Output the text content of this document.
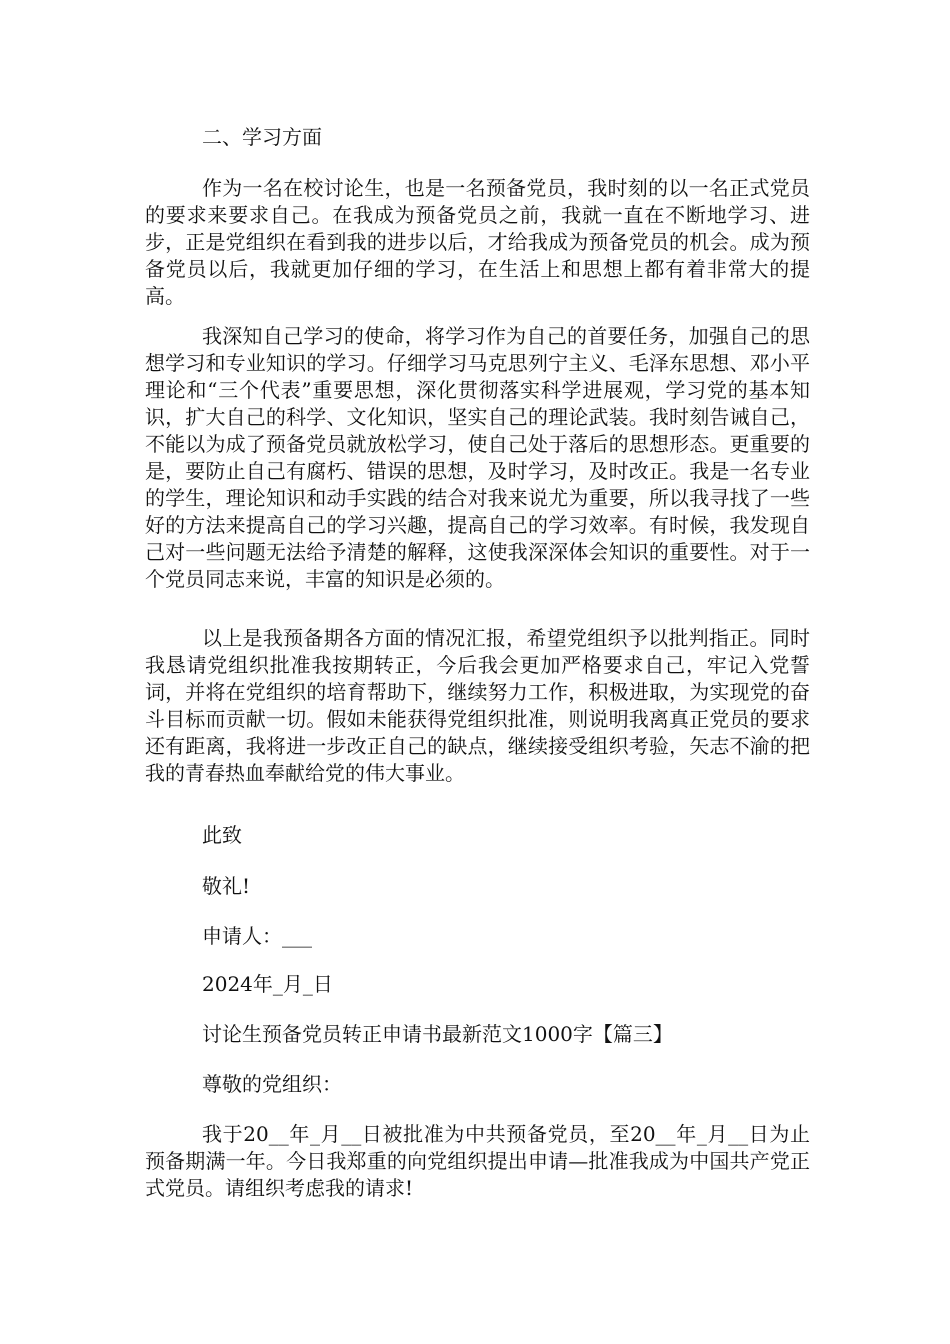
二、学习方面

作为一名在校讨论生，也是一名预备党员，我时刻的以一名正式党员的要求来要求自己。在我成为预备党员之前，我就一直在不断地学习、进步，正是党组织在看到我的进步以后，才给我成为预备党员的机会。成为预备党员以后，我就更加仔细的学习，在生活上和思想上都有着非常大的提高。

我深知自己学习的使命，将学习作为自己的首要任务，加强自己的思想学习和专业知识的学习。仔细学习马克思列宁主义、毛泽东思想、邓小平理论和“三个代表”重要思想，深化贯彻落实科学进展观，学习党的基本知识，扩大自己的科学、文化知识，坚实自己的理论武装。我时刻告诫自己，不能以为成了预备党员就放松学习，使自己处于落后的思想形态。更重要的是，要防止自己有腐朽、错误的思想，及时学习，及时改正。我是一名专业的学生，理论知识和动手实践的结合对我来说尤为重要，所以我寻找了一些好的方法来提高自己的学习兴趣，提高自己的学习效率。有时候，我发现自己对一些问题无法给予清楚的解释，这使我深深体会知识的重要性。对于一个党员同志来说，丰富的知识是必须的。

以上是我预备期各方面的情况汇报，希望党组织予以批判指正。同时我恳请党组织批准我按期转正，今后我会更加严格要求自己，牢记入党誓词，并将在党组织的培育帮助下，继续努力工作，积极进取，为实现党的奋斗目标而贡献一切。假如未能获得党组织批准，则说明我离真正党员的要求还有距离，我将进一步改正自己的缺点，继续接受组织考验，矢志不渝的把我的青春热血奉献给党的伟大事业。

此致

敬礼!

申请人：___

2024年_月_日

讨论生预备党员转正申请书最新范文1000字【篇三】

尊敬的党组织：

我于20__年_月__日被批准为中共预备党员，至20__年_月__日为止预备期满一年。今日我郑重的向党组织提出申请—批准我成为中国共产党正式党员。请组织考虑我的请求!
